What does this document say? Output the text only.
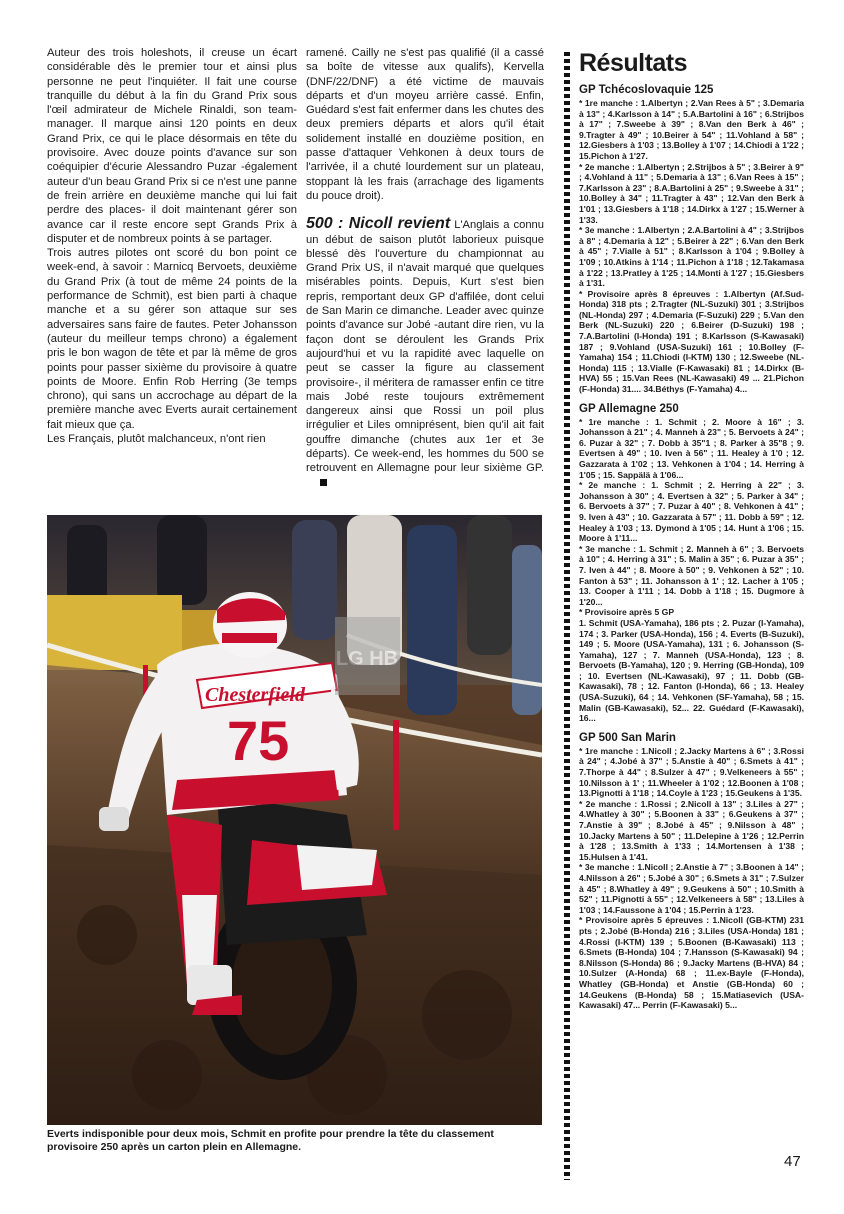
Auteur des trois holeshots, il creuse un écart considérable dès le premier tour et ainsi plus personne ne peut l'inquiéter. Il fait une course tranquille du début à la fin du Grand Prix sous l'œil admirateur de Michele Rinaldi, son team-manager. Il marque ainsi 120 points en deux Grand Prix, ce qui le place désormais en tête du provisoire. Avec douze points d'avance sur son coéquipier d'écurie Alessandro Puzar -également auteur d'un beau Grand Prix si ce n'est une panne de frein arrière en deuxième manche qui lui fait perdre des places- il doit maintenant gérer son avance car il reste encore sept Grands Prix à disputer et de nombreux points à se partager.

Trois autres pilotes ont scoré du bon point ce week-end, à savoir : Marnicq Bervoets, deuxième du Grand Prix (à tout de même 24 points de la performance de Schmit), est bien parti à chaque manche et a su gérer son attaque sur ses adversaires sans faire de fautes. Peter Johansson (auteur du meilleur temps chrono) a également pris le bon wagon de tête et par là même de gros points pour passer sixième du provisoire à quatre points de Moore. Enfin Rob Herring (3e temps chrono), qui sans un accrochage au départ de la première manche avec Everts aurait certainement fait mieux que ça.

Les Français, plutôt malchanceux, n'ont rien

ramené. Cailly ne s'est pas qualifié (il a cassé sa boîte de vitesse aux qualifs), Kervella (DNF/22/DNF) a été victime de mauvais départs et d'un moyeu arrière cassé. Enfin, Guédard s'est fait enfermer dans les chutes des deux premiers départs et alors qu'il était solidement installé en douzième position, en passe d'attaquer Vehkonen à deux tours de l'arrivée, il a chuté lourdement sur un plateau, stoppant là les frais (arrachage des ligaments du pouce droit).

500 : Nicoll revient L'Anglais a connu un début de saison plutôt laborieux puisque blessé dès l'ouverture du championnat au Grand Prix US, il n'avait marqué que quelques misérables points. Depuis, Kurt s'est bien repris, remportant deux GP d'affilée, dont celui de San Marin ce dimanche. Leader avec quinze points d'avance sur Jobé -autant dire rien, vu la façon dont se déroulent les Grands Prix aujourd'hui et vu la rapidité avec laquelle on peut se casser la figure au classement provisoire-, il méritera de ramasser enfin ce titre mais Jobé reste toujours extrêmement dangereux ainsi que Rossi un poil plus irrégulier et Liles omniprésent, bien qu'il ait fait gouffre dimanche (chutes aux 1er et 3e départs). Ce week-end, les hommes du 500 se retrouvent en Allemagne pour leur sixième GP.

Résultats
GP Tchécoslovaquie 125
* 1re manche : 1.Albertyn ; 2.Van Rees à 5" ; 3.Demaria à 13" ; 4.Karlsson à 14" ; 5.A.Bartolini à 16" ; 6.Strijbos à 17" ; 7.Sweebe à 39" ; 8.Van den Berk à 46" ; 9.Tragter à 49" ; 10.Beirer à 54" ; 11.Vohland à 58" ; 12.Giesbers à 1'03 ; 13.Bolley à 1'07 ; 14.Chiodi à 1'22 ; 15.Pichon à 1'27.
* 2e manche : 1.Albertyn ; 2.Strijbos à 5" ; 3.Beirer à 9" ; 4.Vohland à 11" ; 5.Demaria à 13" ; 6.Van Rees à 15" ; 7.Karlsson à 23" ; 8.A.Bartolini à 25" ; 9.Sweebe à 31" ; 10.Bolley à 34" ; 11.Tragter à 43" ; 12.Van den Berk à 1'01 ; 13.Giesbers à 1'18 ; 14.Dirkx à 1'27 ; 15.Werner à 1'33.
* 3e manche : 1.Albertyn ; 2.A.Bartolini à 4" ; 3.Strijbos à 8" ; 4.Demaria à 12" ; 5.Beirer à 22" ; 6.Van den Berk à 45" ; 7.Vialle à 51" ; 8.Karlsson à 1'04 ; 9.Bolley à 1'09 ; 10.Atkins à 1'14 ; 11.Pichon à 1'18 ; 12.Takamasa à 1'22 ; 13.Pratley à 1'25 ; 14.Monti à 1'27 ; 15.Giesbers à 1'31.
* Provisoire après 8 épreuves : 1.Albertyn (Af.Sud-Honda) 318 pts ; 2.Tragter (NL-Suzuki) 301 ; 3.Strijbos (NL-Honda) 297 ; 4.Demaria (F-Suzuki) 229 ; 5.Van den Berk (NL-Suzuki) 220 ; 6.Beirer (D-Suzuki) 198 ; 7.A.Bartolini (I-Honda) 191 ; 8.Karlsson (S-Kawasaki) 187 ; 9.Vohland (USA-Suzuki) 161 ; 10.Bolley (F-Yamaha) 154 ; 11.Chiodi (I-KTM) 130 ; 12.Sweebe (NL-Honda) 115 ; 13.Vialle (F-Kawasaki) 81 ; 14.Dirkx (B-HVA) 55 ; 15.Van Rees (NL-Kawasaki) 49 ... 21.Pichon (F-Honda) 31.... 34.Béthys (F-Yamaha) 4...
GP Allemagne 250
* 1re manche : 1. Schmit ; 2. Moore à 16" ; 3. Johansson à 21" ; 4. Manneh à 23" ; 5. Bervoets à 24" ; 6. Puzar à 32" ; 7. Dobb à 35"1 ; 8. Parker à 35"8 ; 9. Evertsen à 49" ; 10. Iven à 56" ; 11. Healey à 1'0 ; 12. Gazzarata à 1'02 ; 13. Vehkonen à 1'04 ; 14. Herring à 1'05 ; 15. Sappälä à 1'06...
* 2e manche : 1. Schmit ; 2. Herring à 22" ; 3. Johansson à 30" ; 4. Evertsen à 32" ; 5. Parker à 34" ; 6. Bervoets à 37" ; 7. Puzar à 40" ; 8. Vehkonen à 41" ; 9. Iven à 43" ; 10. Gazzarata à 57" ; 11. Dobb à 59" ; 12. Healey à 1'03 ; 13. Dymond à 1'05 ; 14. Hunt à 1'06 ; 15. Moore à 1'11...
* 3e manche : 1. Schmit ; 2. Manneh à 6" ; 3. Bervoets à 10" ; 4. Herring à 31" ; 5. Malin à 35" ; 6. Puzar à 35" ; 7. Iven à 44" ; 8. Moore à 50" ; 9. Vehkonen à 52" ; 10. Fanton à 53" ; 11. Johansson à 1' ; 12. Lacher à 1'05 ; 13. Cooper à 1'11 ; 14. Dobb à 1'18 ; 15. Dugmore à 1'20...
* Provisoire après 5 GP
1. Schmit (USA-Yamaha), 186 pts ; 2. Puzar (I-Yamaha), 174 ; 3. Parker (USA-Honda), 156 ; 4. Everts (B-Suzuki), 149 ; 5. Moore (USA-Yamaha), 131 ; 6. Johansson (S-Yamaha), 127 ; 7. Manneh (USA-Honda), 123 ; 8. Bervoets (B-Yamaha), 120 ; 9. Herring (GB-Honda), 109 ; 10. Evertsen (NL-Kawasaki), 97 ; 11. Dobb (GB-Kawasaki), 78 ; 12. Fanton (I-Honda), 66 ; 13. Healey (USA-Suzuki), 64 ; 14. Vehkonen (SF-Yamaha), 58 ; 15. Malin (GB-Kawasaki), 52... 22. Guédard (F-Kawasaki), 16...
GP 500 San Marin
* 1re manche : 1.Nicoll ; 2.Jacky Martens à 6" ; 3.Rossi à 24" ; 4.Jobé à 37" ; 5.Anstie à 40" ; 6.Smets à 41" ; 7.Thorpe à 44" ; 8.Sulzer à 47" ; 9.Velkeneers à 55" ; 10.Nilsson à 1' ; 11.Wheeler à 1'02 ; 12.Boonen à 1'08 ; 13.Pignotti à 1'18 ; 14.Coyle à 1'23 ; 15.Geukens à 1'35.
* 2e manche : 1.Rossi ; 2.Nicoll à 13" ; 3.Liles à 27" ; 4.Whatley à 30" ; 5.Boonen à 33" ; 6.Geukens à 37" ; 7.Anstie à 39" ; 8.Jobé à 45" ; 9.Nilsson à 48" ; 10.Jacky Martens à 50" ; 11.Delepine à 1'26 ; 12.Perrin à 1'28 ; 13.Smith à 1'33 ; 14.Mortensen à 1'38 ; 15.Hulsen à 1'41.
* 3e manche : 1.Nicoll ; 2.Anstie à 7" ; 3.Boonen à 14" ; 4.Nilsson à 26" ; 5.Jobé à 30" ; 6.Smets à 31" ; 7.Sulzer à 45" ; 8.Whatley à 49" ; 9.Geukens à 50" ; 10.Smith à 52" ; 11.Pignotti à 55" ; 12.Velkeneers à 58" ; 13.Liles à 1'03 ; 14.Faussone à 1'04 ; 15.Perrin à 1'23.
* Provisoire après 5 épreuves : 1.Nicoll (GB-KTM) 231 pts ; 2.Jobé (B-Honda) 216 ; 3.Liles (USA-Honda) 181 ; 4.Rossi (I-KTM) 139 ; 5.Boonen (B-Kawasaki) 113 ; 6.Smets (B-Honda) 104 ; 7.Hansson (S-Kawasaki) 94 ; 8.Nilsson (S-Honda) 86 ; 9.Jacky Martens (B-HVA) 84 ; 10.Sulzer (A-Honda) 68 ; 11.ex-Bayle (F-Honda), Whatley (GB-Honda) et Anstie (GB-Honda) 60 ; 14.Geukens (B-Honda) 58 ; 15.Matiasevich (USA-Kawasaki) 47... Perrin (F-Kawasaki) 5...
Chesterfield
75
LG HB
Everts indisponible pour deux mois, Schmit en profite pour prendre la tête du classement provisoire 250 après un carton plein en Allemagne.
47
